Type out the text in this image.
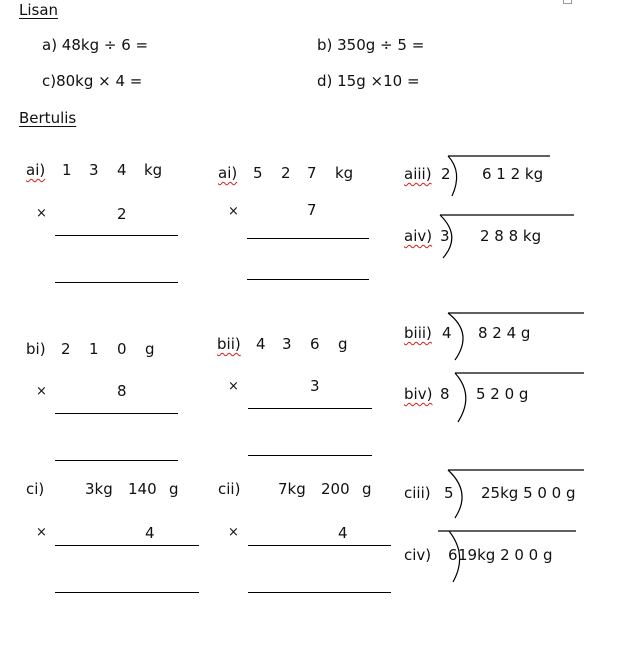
Lisan
a) 48kg ÷ 6 =	b) 350g ÷ 5 =
c)80kg × 4 =	d) 15g ×10 =
Bertulis
ai) 1 3 4 kg
×	2
ai) 5 2 7 kg
×	7
aiii) 2 6 1 2 kg
aiv) 3 2 8 8 kg
bi) 2 1 0 g
×	8
bii) 4 3 6 g
×	3
biii) 4 8 2 4 g
biv) 8 5 2 0 g
ci)	3kg 140 g
×	4
cii)	7kg 200 g
×	4
ciii) 5 25kg 5 0 0 g
civ) 6 19kg 2 0 0 g
